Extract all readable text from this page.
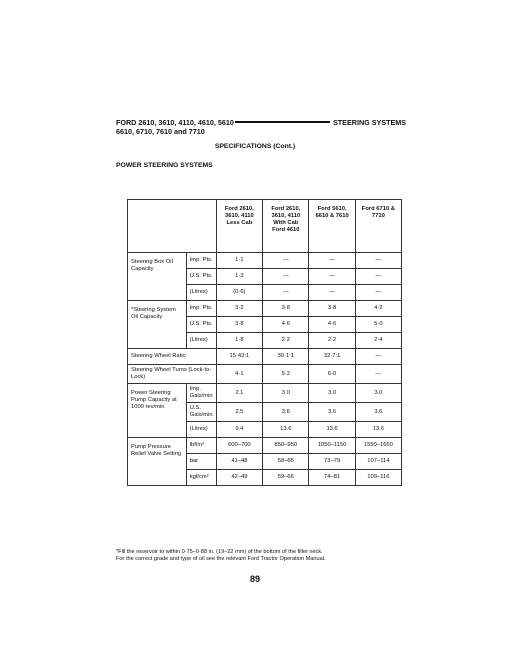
FORD 2610, 3610, 4110, 4610, 5610
6610, 6710, 7610 and 7710
STEERING SYSTEMS
SPECIFICATIONS (Cont.)
POWER STEERING SYSTEMS
		Ford 2610, 3610, 4110 Less Cab	Ford 2610, 3610, 4110 With Cab Ford 4610	Ford 5610, 6610 & 7610	Ford 6710 & 7710
Steering Box Oil Capacity	Imp. Pts.	1·1	—	—	—
	U.S. Pts.	1·3	—	—	—
	(Litres)	(0·6)	—	—	—
*Steering System Oil Capacity	Imp. Pts.	3·2	3·8	3·8	4·2
	U.S. Pts.	3·8	4·6	4·6	5·0
	(Litres)	1·8	2·2	2·2	2·4
Steering Wheel Ratio		15·43:1	30·1:1	32·7:1	—
Steering Wheel Turns (Lock-to-Lock)		4·1	5·2	6·0	—
Power Steering Pump Capacity at 1000 rev/min	Imp. Gals/min	2.1	3.0	3.0	3.0
	U.S. Gals/min	2.5	3.6	3.6	3.6
	(Litres)	9.4	13.6	13.6	13.6
Pump Pressure Relief Valve Setting	lbf/in²	600–700	850–950	1050–1150	1550–1650
	bar	41–48	58–65	73–79	107–114
	kgf/cm²	42–49	59–66	74–81	109–116
*Fill the reservoir to within 0·75–0·88 in. (19–22 mm) of the bottom of the filler neck.
For the correct grade and type of oil see the relevant Ford Tractor Operation Manual.
89
